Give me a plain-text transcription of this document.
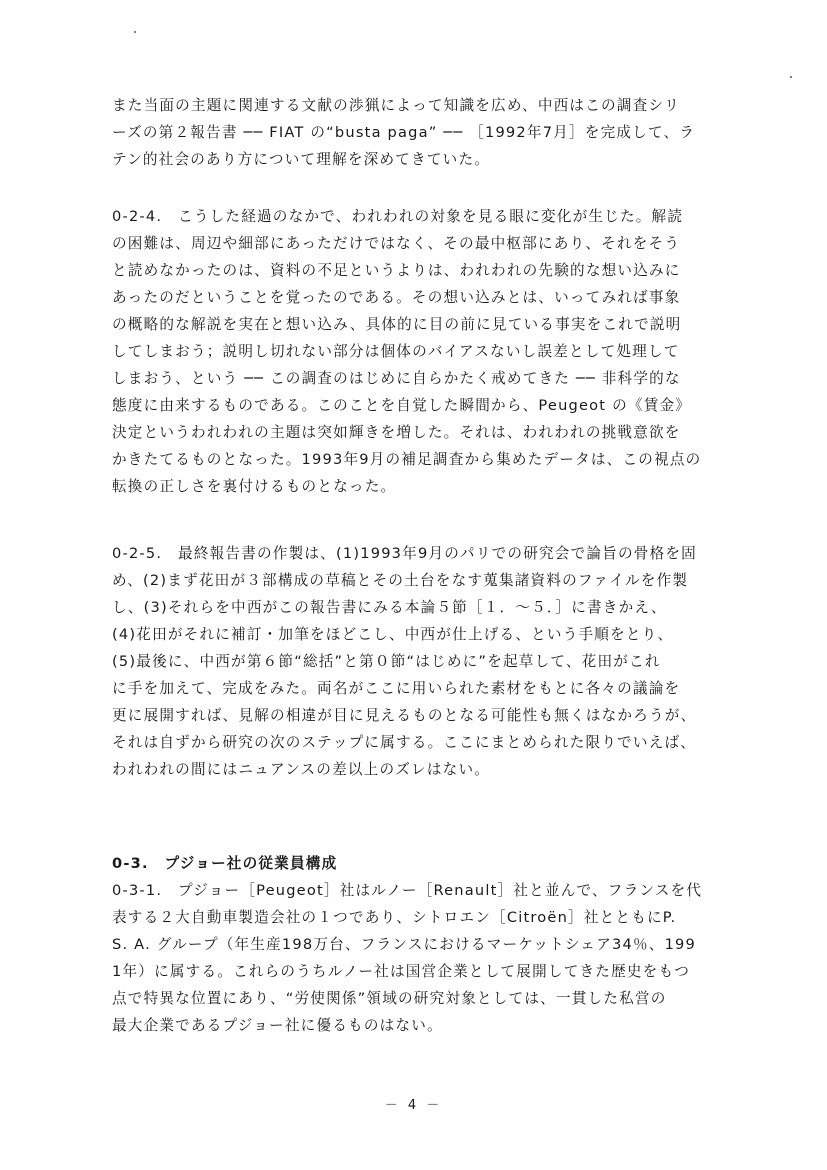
また当面の主題に関連する文献の渉猟によって知識を広め、中西はこの調査シリ
ーズの第２報告書 ── FIAT の“busta paga” ── ［1992年7月］を完成して、ラ
テン的社会のあり方について理解を深めてきていた。
0-2-4.　こうした経過のなかで、われわれの対象を見る眼に変化が生じた。解読
の困難は、周辺や細部にあっただけではなく、その最中枢部にあり、それをそう
と読めなかったのは、資料の不足というよりは、われわれの先験的な想い込みに
あったのだということを覚ったのである。その想い込みとは、いってみれば事象
の概略的な解説を実在と想い込み、具体的に目の前に見ている事実をこれで説明
してしまおう；説明し切れない部分は個体のバイアスないし誤差として処理して
しまおう、という ── この調査のはじめに自らかたく戒めてきた ── 非科学的な
態度に由来するものである。このことを自覚した瞬間から、Peugeot の《賃金》
決定というわれわれの主題は突如輝きを増した。それは、われわれの挑戦意欲を
かきたてるものとなった。1993年9月の補足調査から集めたデータは、この視点の
転換の正しさを裏付けるものとなった。
0-2-5.　最終報告書の作製は、(1)1993年9月のパリでの研究会で論旨の骨格を固
め、(2)まず花田が３部構成の草稿とその土台をなす蒐集諸資料のファイルを作製
し、(3)それらを中西がこの報告書にみる本論５節［１．～５．］に書きかえ、
(4)花田がそれに補訂・加筆をほどこし、中西が仕上げる、という手順をとり、
(5)最後に、中西が第６節“総括”と第０節“はじめに”を起草して、花田がこれ
に手を加えて、完成をみた。両名がここに用いられた素材をもとに各々の議論を
更に展開すれば、見解の相違が目に見えるものとなる可能性も無くはなかろうが、
それは自ずから研究の次のステップに属する。ここにまとめられた限りでいえば、
われわれの間にはニュアンスの差以上のズレはない。
0-3.　プジョー社の従業員構成
0-3-1.　プジョー［Peugeot］社はルノー［Renault］社と並んで、フランスを代
表する２大自動車製造会社の１つであり、シトロエン［Citroën］社とともにP.
S. A. グループ（年生産198万台、フランスにおけるマーケットシェア34％、199
1年）に属する。これらのうちルノー社は国営企業として展開してきた歴史をもつ
点で特異な位置にあり、“労使関係”領域の研究対象としては、一貫した私営の
最大企業であるプジョー社に優るものはない。
－ 4 －
